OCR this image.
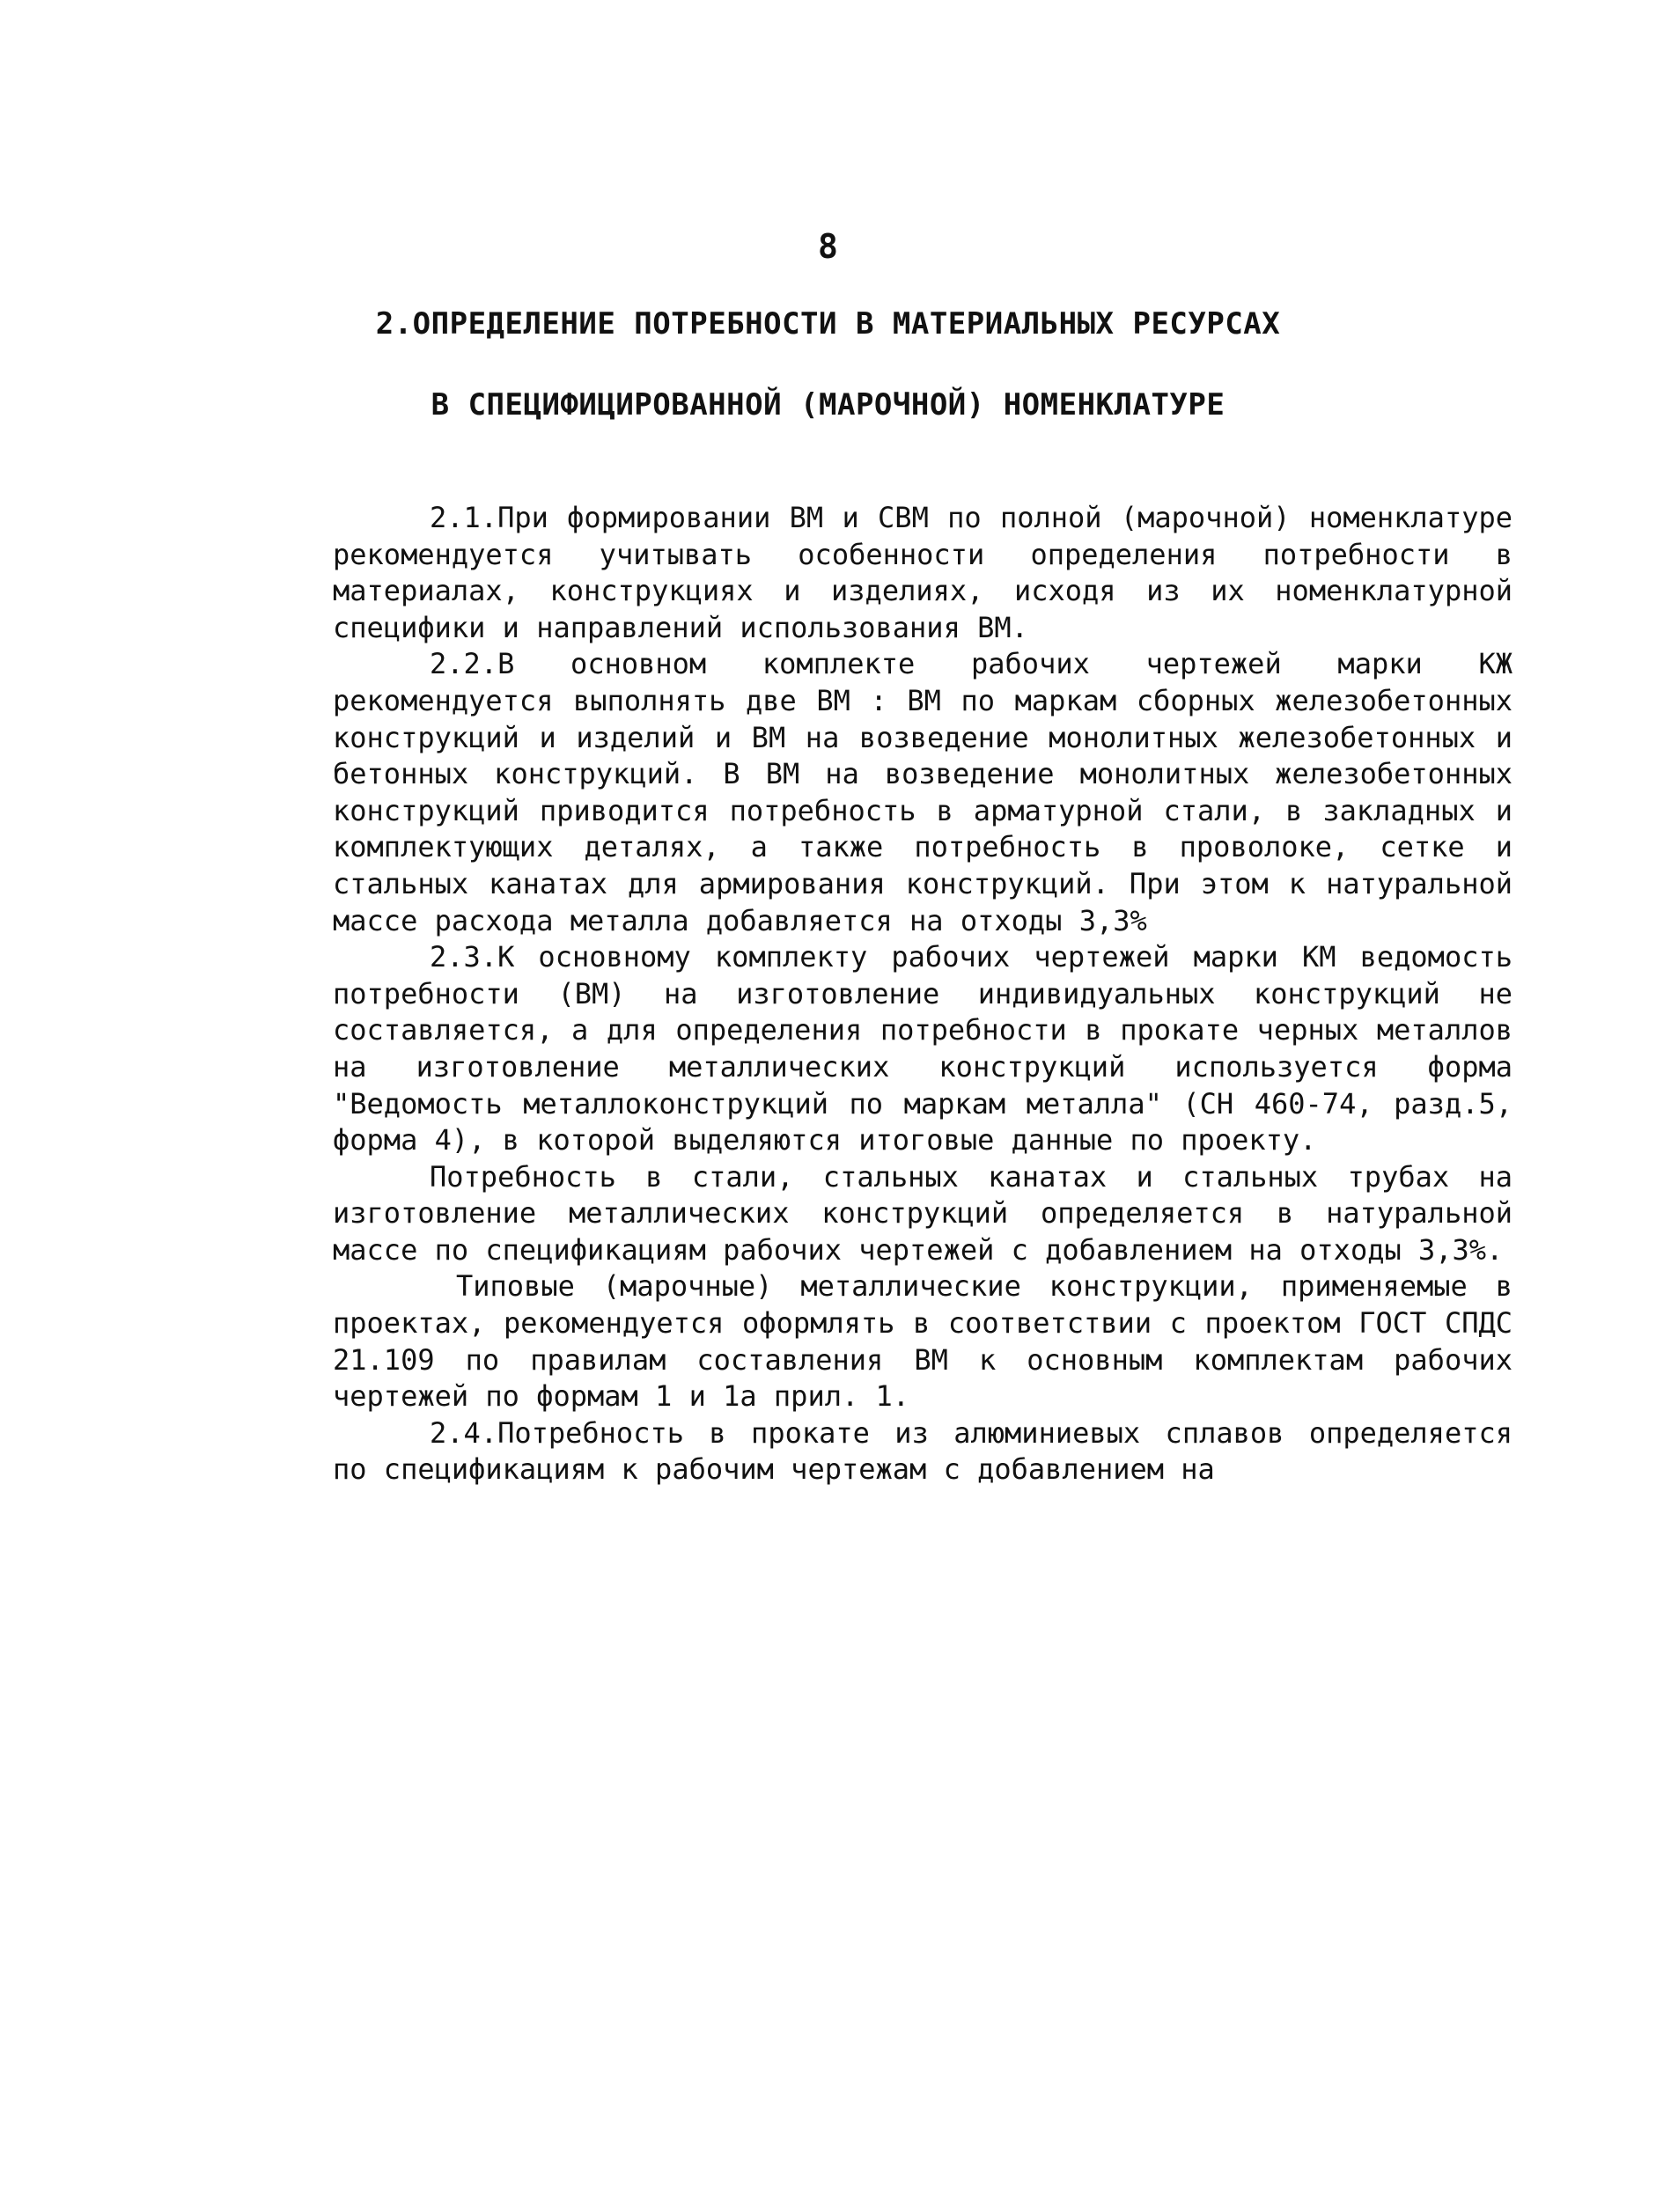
8
2.ОПРЕДЕЛЕНИЕ ПОТРЕБНОСТИ В МАТЕРИАЛЬНЫХ РЕСУРСАХ
В СПЕЦИФИЦИРОВАННОЙ (МАРОЧНОЙ) НОМЕНКЛАТУРЕ

2.1.При формировании ВМ и СВМ по полной (марочной) номенклатуре рекомендуется учитывать особенности определения потребности в материалах, конструкциях и изделиях, исходя из их номенклатурной специфики и направлений использования ВМ.

2.2.В основном комплекте рабочих чертежей марки КЖ рекомендуется выполнять две ВМ : ВМ по маркам сборных железобетонных конструкций и изделий и ВМ на возведение монолитных железобетонных и бетонных конструкций. В ВМ на возведение монолитных железобетонных конструкций приводится потребность в арматурной стали, в закладных и комплектующих деталях, а также потребность в проволоке, сетке и стальных канатах для армирования конструкций. При этом к натуральной массе расхода металла добавляется на отходы 3,3%

2.3.К основному комплекту рабочих чертежей марки КМ ведомость потребности (ВМ) на изготовление индивидуальных конструкций не составляется, а для определения потребности в прокате черных металлов на изготовление металлических конструкций используется форма "Ведомость металлоконструкций по маркам металла" (СН 460-74, разд.5, форма 4), в которой выделяются итоговые данные по проекту.

Потребность в стали, стальных канатах и стальных трубах на изготовление металлических конструкций определяется в натуральной массе по спецификациям рабочих чертежей с добавлением на отходы 3,3%.

Типовые (марочные) металлические конструкции, применяемые в проектах, рекомендуется оформлять в соответствии с проектом ГОСТ СПДС 21.109 по правилам составления ВМ к основным комплектам рабочих чертежей по формам 1 и 1а прил. 1.

2.4.Потребность в прокате из алюминиевых сплавов определяется по спецификациям к рабочим чертежам с добавлением на
